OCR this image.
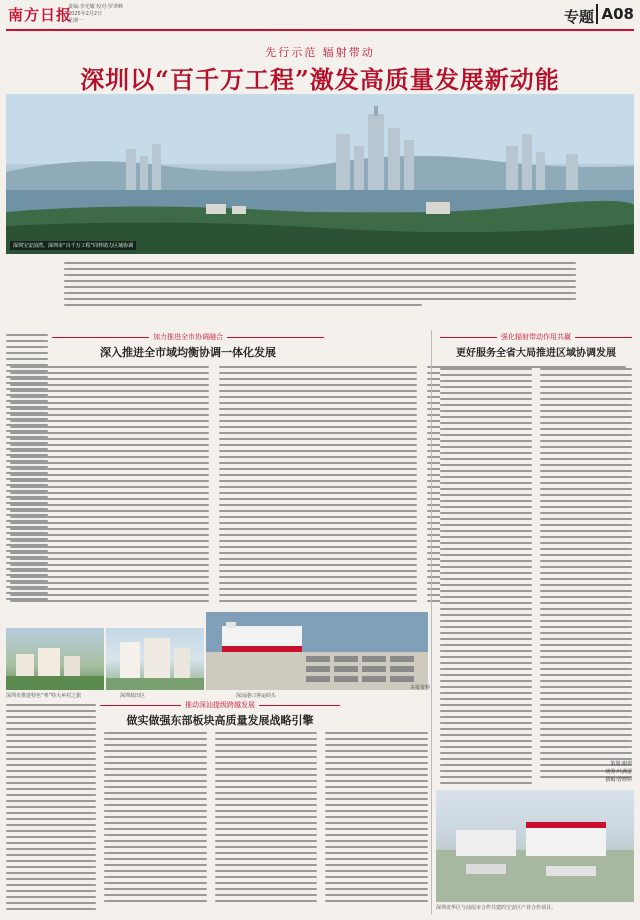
南方日报
责编:李光耀 校对:罗翠峰
2025年2月2日
星期一	专题 A08
先行示范 辐射带动
深圳以“百千万工程”激发高质量发展新动能
深圳宝安前湾。深圳市“百千万工程”同样助力区域协调
加力推进全市协调融合
深入推进全市域均衡协调一体化发展
强化辐射带动作用共赢
更好服务全省大局推进区域协调发展
策划:谢璟
统筹:叶满雷
撰稿:曾晓婷
深圳市推进特色“粤”特大乡村之旅	深圳盐田区	深汕港口客运码头
本报资料
推动深汕提级跨越发展
做实做强东部板块高质量发展战略引擎
深圳龙华区与汕尾市合作共建的宝安区产业合作项目。
